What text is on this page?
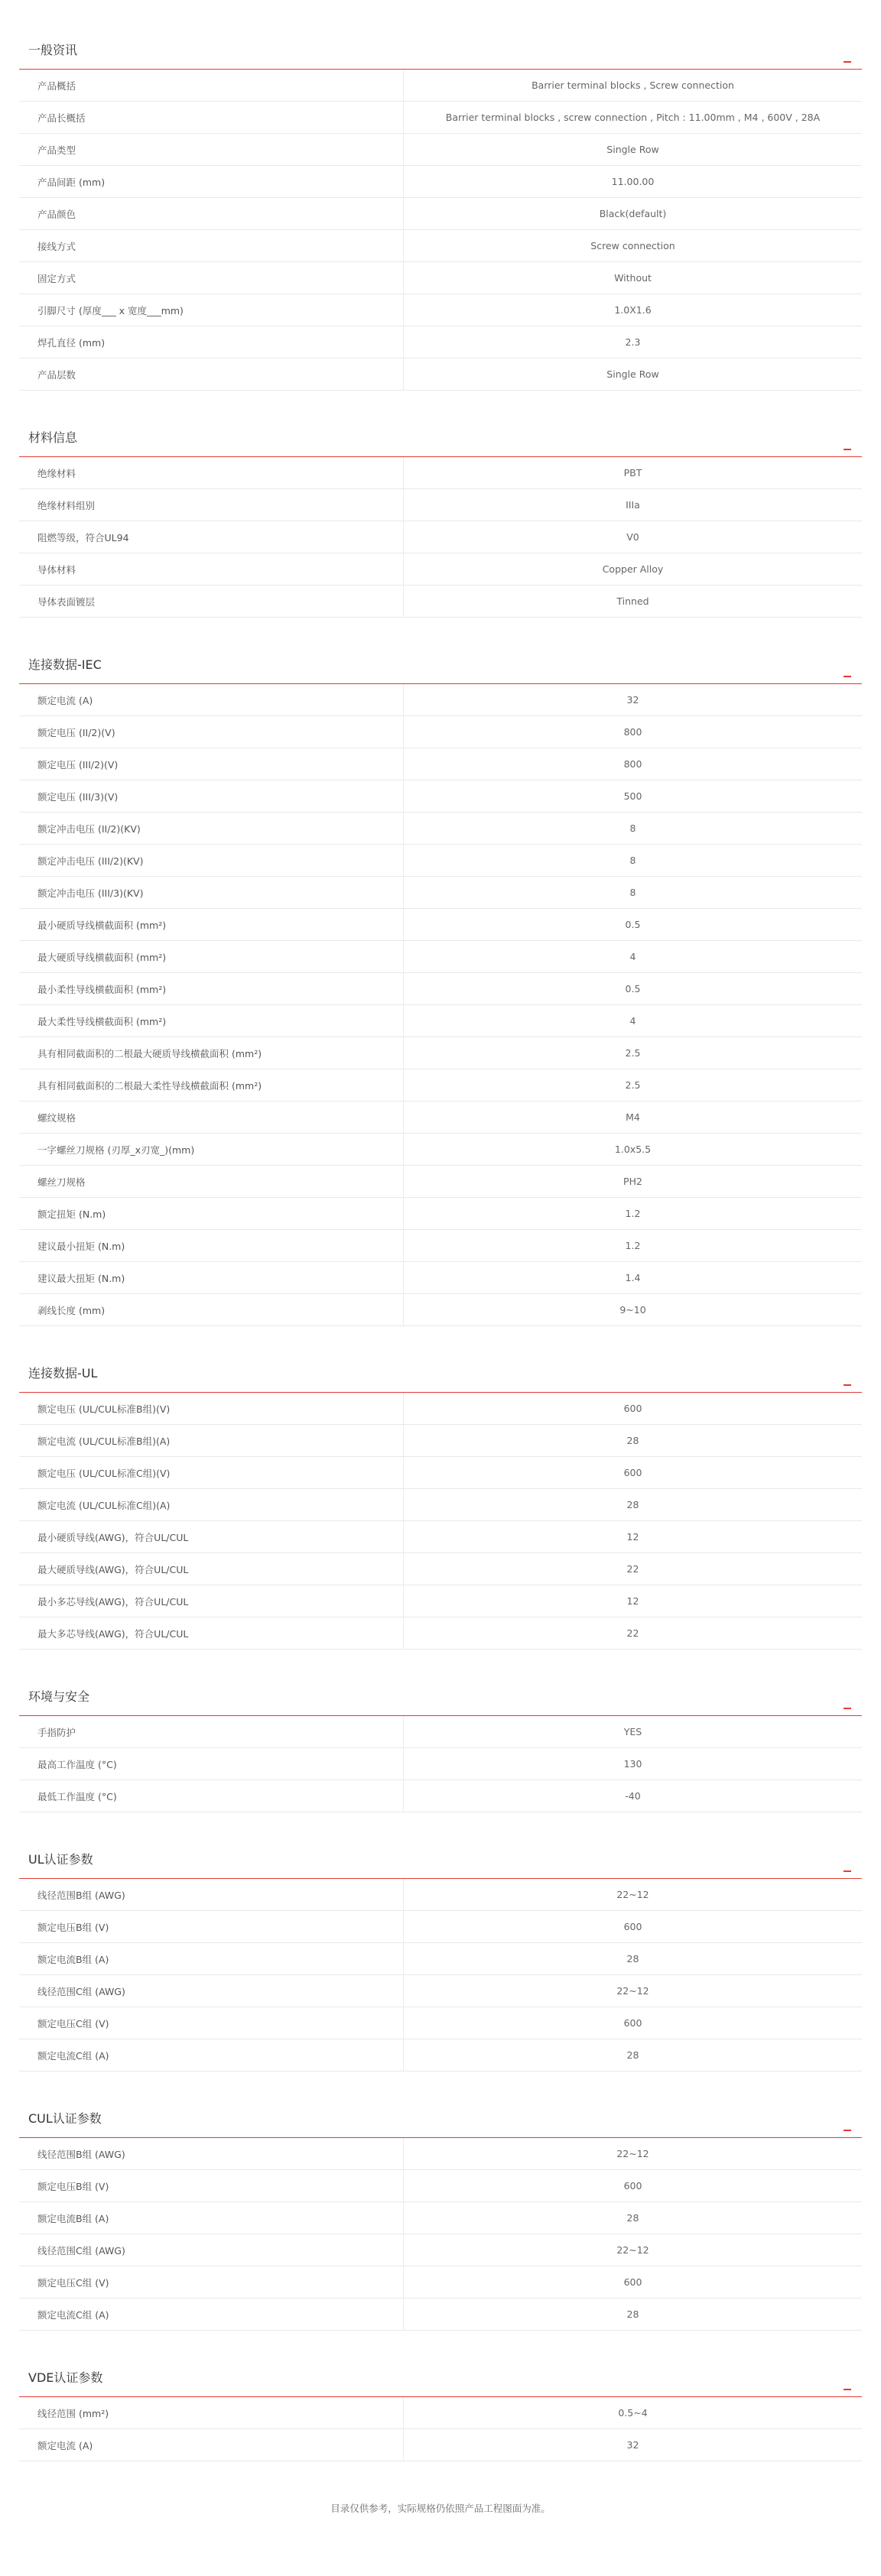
一般资讯
产品概括	Barrier terminal blocks , Screw connection
产品长概括	Barrier terminal blocks , screw connection , Pitch : 11.00mm , M4 , 600V , 28A
产品类型	Single Row
产品间距 (mm)	11.00.00
产品颜色	Black(default)
接线方式	Screw connection
固定方式	Without
引脚尺寸 (厚度___ x 宽度___mm)	1.0X1.6
焊孔直径 (mm)	2.3
产品层数	Single Row
材料信息
绝缘材料	PBT
绝缘材料组别	IIIa
阻燃等级，符合UL94	V0
导体材料	Copper Alloy
导体表面镀层	Tinned
连接数据-IEC
额定电流 (A)	32
额定电压 (II/2)(V)	800
额定电压 (III/2)(V)	800
额定电压 (III/3)(V)	500
额定冲击电压 (II/2)(KV)	8
额定冲击电压 (III/2)(KV)	8
额定冲击电压 (III/3)(KV)	8
最小硬质导线横截面积 (mm²)	0.5
最大硬质导线横截面积 (mm²)	4
最小柔性导线横截面积 (mm²)	0.5
最大柔性导线横截面积 (mm²)	4
具有相同截面积的二根最大硬质导线横截面积 (mm²)	2.5
具有相同截面积的二根最大柔性导线横截面积 (mm²)	2.5
螺纹规格	M4
一字螺丝刀规格 (刃厚_x刃宽_)(mm)	1.0x5.5
螺丝刀规格	PH2
额定扭矩 (N.m)	1.2
建议最小扭矩 (N.m)	1.2
建议最大扭矩 (N.m)	1.4
剥线长度 (mm)	9~10
连接数据-UL
额定电压 (UL/CUL标准B组)(V)	600
额定电流 (UL/CUL标准B组)(A)	28
额定电压 (UL/CUL标准C组)(V)	600
额定电流 (UL/CUL标准C组)(A)	28
最小硬质导线(AWG)，符合UL/CUL	12
最大硬质导线(AWG)，符合UL/CUL	22
最小多芯导线(AWG)，符合UL/CUL	12
最大多芯导线(AWG)，符合UL/CUL	22
环境与安全
手指防护	YES
最高工作温度 (°C)	130
最低工作温度 (°C)	-40
UL认证参数
线径范围B组 (AWG)	22~12
额定电压B组 (V)	600
额定电流B组 (A)	28
线径范围C组 (AWG)	22~12
额定电压C组 (V)	600
额定电流C组 (A)	28
CUL认证参数
线径范围B组 (AWG)	22~12
额定电压B组 (V)	600
额定电流B组 (A)	28
线径范围C组 (AWG)	22~12
额定电压C组 (V)	600
额定电流C组 (A)	28
VDE认证参数
线径范围 (mm²)	0.5~4
额定电流 (A)	32
目录仅供参考，实际规格仍依照产品工程图面为准。
